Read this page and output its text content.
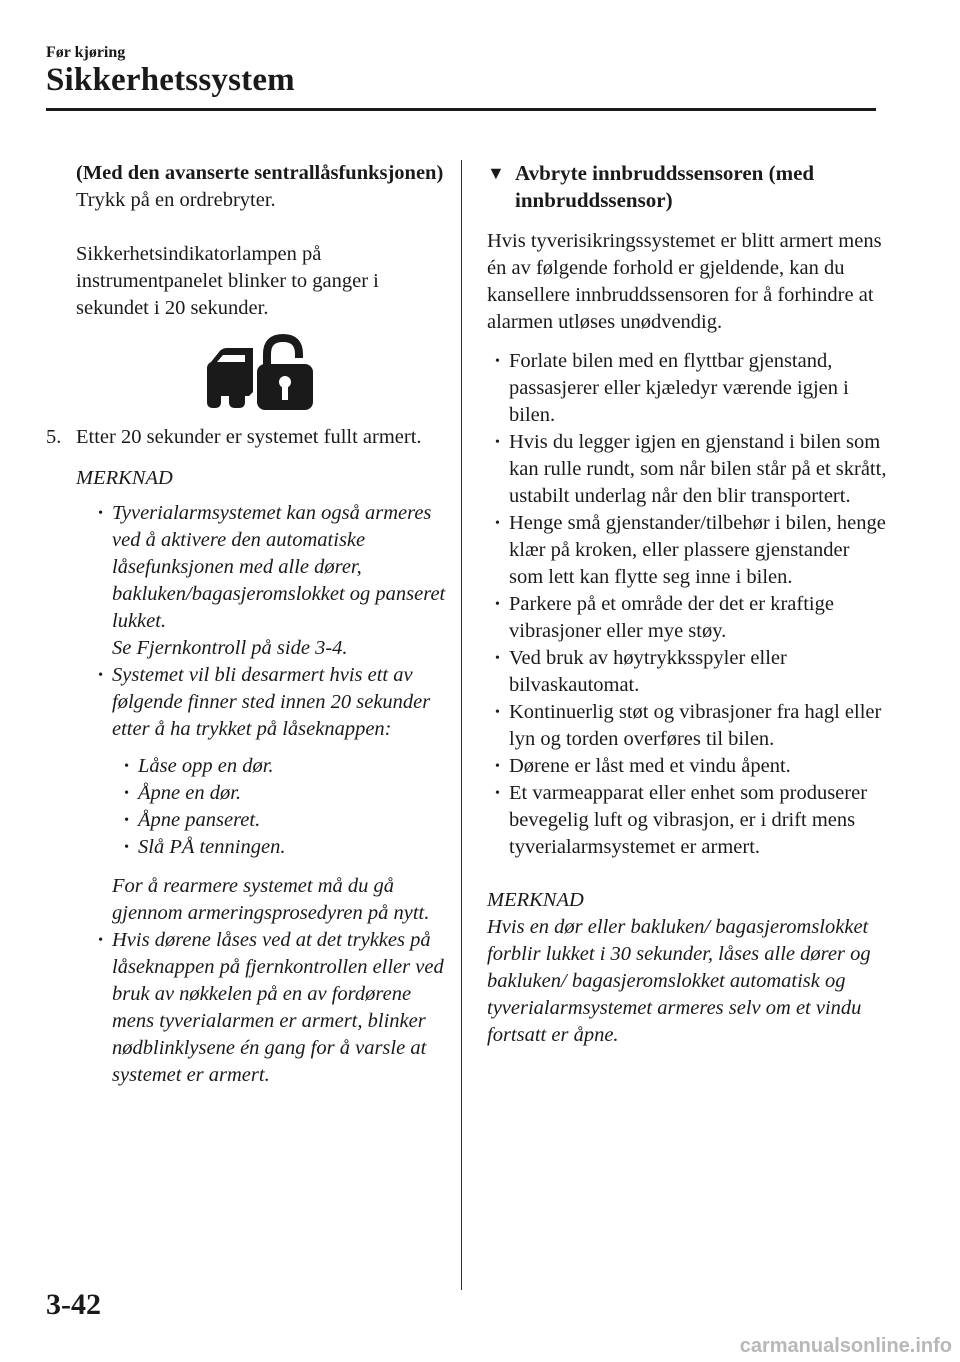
Før kjøring
Sikkerhetssystem
(Med den avanserte sentrallåsfunksjonen)
Trykk på en ordrebryter.
Sikkerhetsindikatorlampen på instrumentpanelet blinker to ganger i sekundet i 20 sekunder.
5. Etter 20 sekunder er systemet fullt armert.
MERKNAD
• Tyverialarmsystemet kan også armeres ved å aktivere den automatiske låsefunksjonen med alle dører, bakluken/bagasjeromslokket og panseret lukket.
Se Fjernkontroll på side 3-4.
• Systemet vil bli desarmert hvis ett av følgende finner sted innen 20 sekunder etter å ha trykket på låseknappen:
• Låse opp en dør.
• Åpne en dør.
• Åpne panseret.
• Slå PÅ tenningen.
For å rearmere systemet må du gå gjennom armeringsprosedyren på nytt.
• Hvis dørene låses ved at det trykkes på låseknappen på fjernkontrollen eller ved bruk av nøkkelen på en av fordørene mens tyverialarmen er armert, blinker nødblinklysene én gang for å varsle at systemet er armert.
▼ Avbryte innbruddssensoren (med innbruddssensor)
Hvis tyverisikringssystemet er blitt armert mens én av følgende forhold er gjeldende, kan du kansellere innbruddssensoren for å forhindre at alarmen utløses unødvendig.
• Forlate bilen med en flyttbar gjenstand, passasjerer eller kjæledyr værende igjen i bilen.
• Hvis du legger igjen en gjenstand i bilen som kan rulle rundt, som når bilen står på et skrått, ustabilt underlag når den blir transportert.
• Henge små gjenstander/tilbehør i bilen, henge klær på kroken, eller plassere gjenstander som lett kan flytte seg inne i bilen.
• Parkere på et område der det er kraftige vibrasjoner eller mye støy.
• Ved bruk av høytrykksspyler eller bilvaskautomat.
• Kontinuerlig støt og vibrasjoner fra hagl eller lyn og torden overføres til bilen.
• Dørene er låst med et vindu åpent.
• Et varmeapparat eller enhet som produserer bevegelig luft og vibrasjon, er i drift mens tyverialarmsystemet er armert.
MERKNAD
Hvis en dør eller bakluken/ bagasjeromslokket forblir lukket i 30 sekunder, låses alle dører og bakluken/ bagasjeromslokket automatisk og tyverialarmsystemet armeres selv om et vindu fortsatt er åpne.
3-42
carmanualsonline.info
